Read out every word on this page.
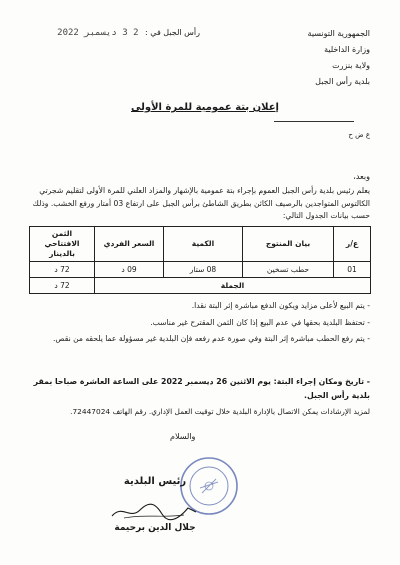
رأس الجبل في : 2 3 ديسمبر 2022	الجمهورية التونسية
وزارة الداخلية
ولاية بنزرت
بلدية رأس الجبل
ع ض ح
إعلان بتة عمومية للمرة الأولى
وبعد،
يعلم رئيس بلدية رأس الجبل العموم بإجراء بتة عمومية بالإشهار والمزاد العلني للمرة الأولى لتقليم شجرتي الكالتوس المتواجدين بالرصيف الكائن بطريق الشاطئ برأس الجبل على ارتفاع 03 أمتار ورفع الخشب. وذلك حسب بيانات الجدول التالي:
ع/ر	بيان المنتوج	الكمية	السعر الفردي	الثمن الافتتاحي بالدينار
01	حطب تسخين	08 ستار	09 د	72 د
الجملة				72 د

- يتم البيع لأعلى مزايد ويكون الدفع مباشرة إثر البتة نقدا.

- تحتفظ البلدية بحقها في عدم البيع إذا كان الثمن المقترح غير مناسب.

- يتم رفع الحطب مباشرة إثر البتة وفي صورة عدم رفعه فإن البلدية غير مسؤولة عما يلحقه من نقص.

- تاريخ ومكان إجراء البتة: يوم الاثنين 26 ديسمبر 2022 على الساعة العاشرة صباحا بمقر بلدية رأس الجبل.
لمزيد الإرشادات يمكن الاتصال بالإدارة البلدية خلال توقيت العمل الإداري. رقم الهاتف 72447024.
والسلام
رئيس البلدية
جلال الدين برحيمة
